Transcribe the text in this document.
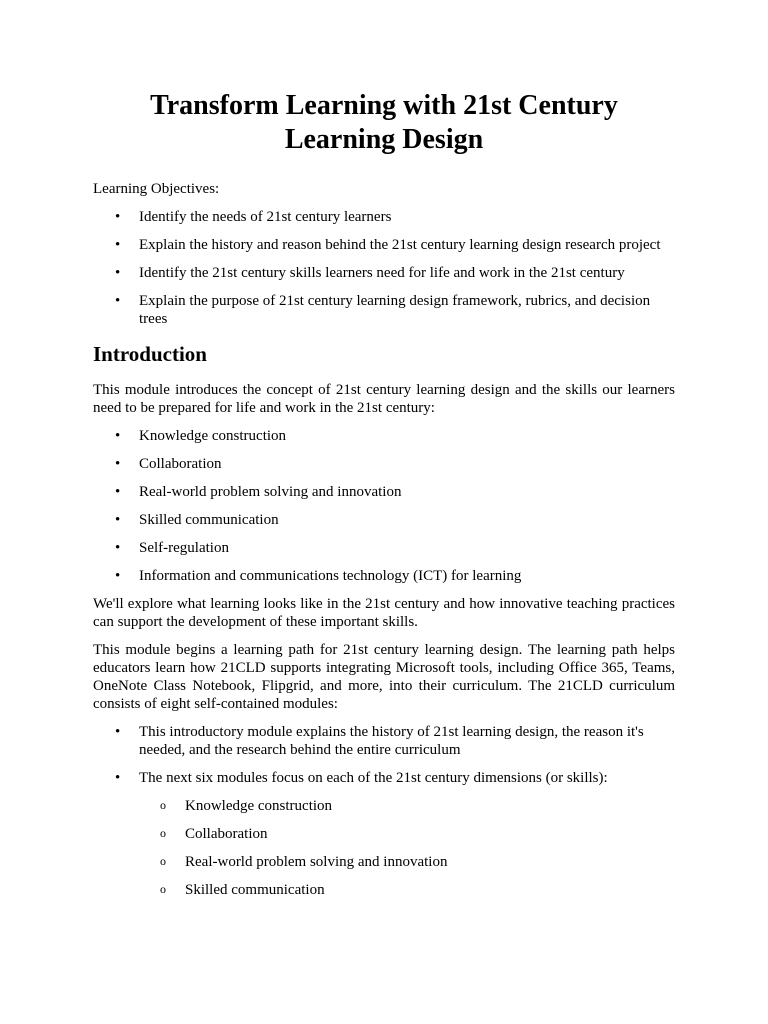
Transform Learning with 21st Century Learning Design

Learning Objectives:

• Identify the needs of 21st century learners
• Explain the history and reason behind the 21st century learning design research project
• Identify the 21st century skills learners need for life and work in the 21st century
• Explain the purpose of 21st century learning design framework, rubrics, and decision trees
Introduction

This module introduces the concept of 21st century learning design and the skills our learners need to be prepared for life and work in the 21st century:

• Knowledge construction
• Collaboration
• Real-world problem solving and innovation
• Skilled communication
• Self-regulation
• Information and communications technology (ICT) for learning

We'll explore what learning looks like in the 21st century and how innovative teaching practices can support the development of these important skills.

This module begins a learning path for 21st century learning design. The learning path helps educators learn how 21CLD supports integrating Microsoft tools, including Office 365, Teams, OneNote Class Notebook, Flipgrid, and more, into their curriculum. The 21CLD curriculum consists of eight self-contained modules:

• This introductory module explains the history of 21st learning design, the reason it's needed, and the research behind the entire curriculum
• The next six modules focus on each of the 21st century dimensions (or skills):
o Knowledge construction
o Collaboration
o Real-world problem solving and innovation
o Skilled communication
